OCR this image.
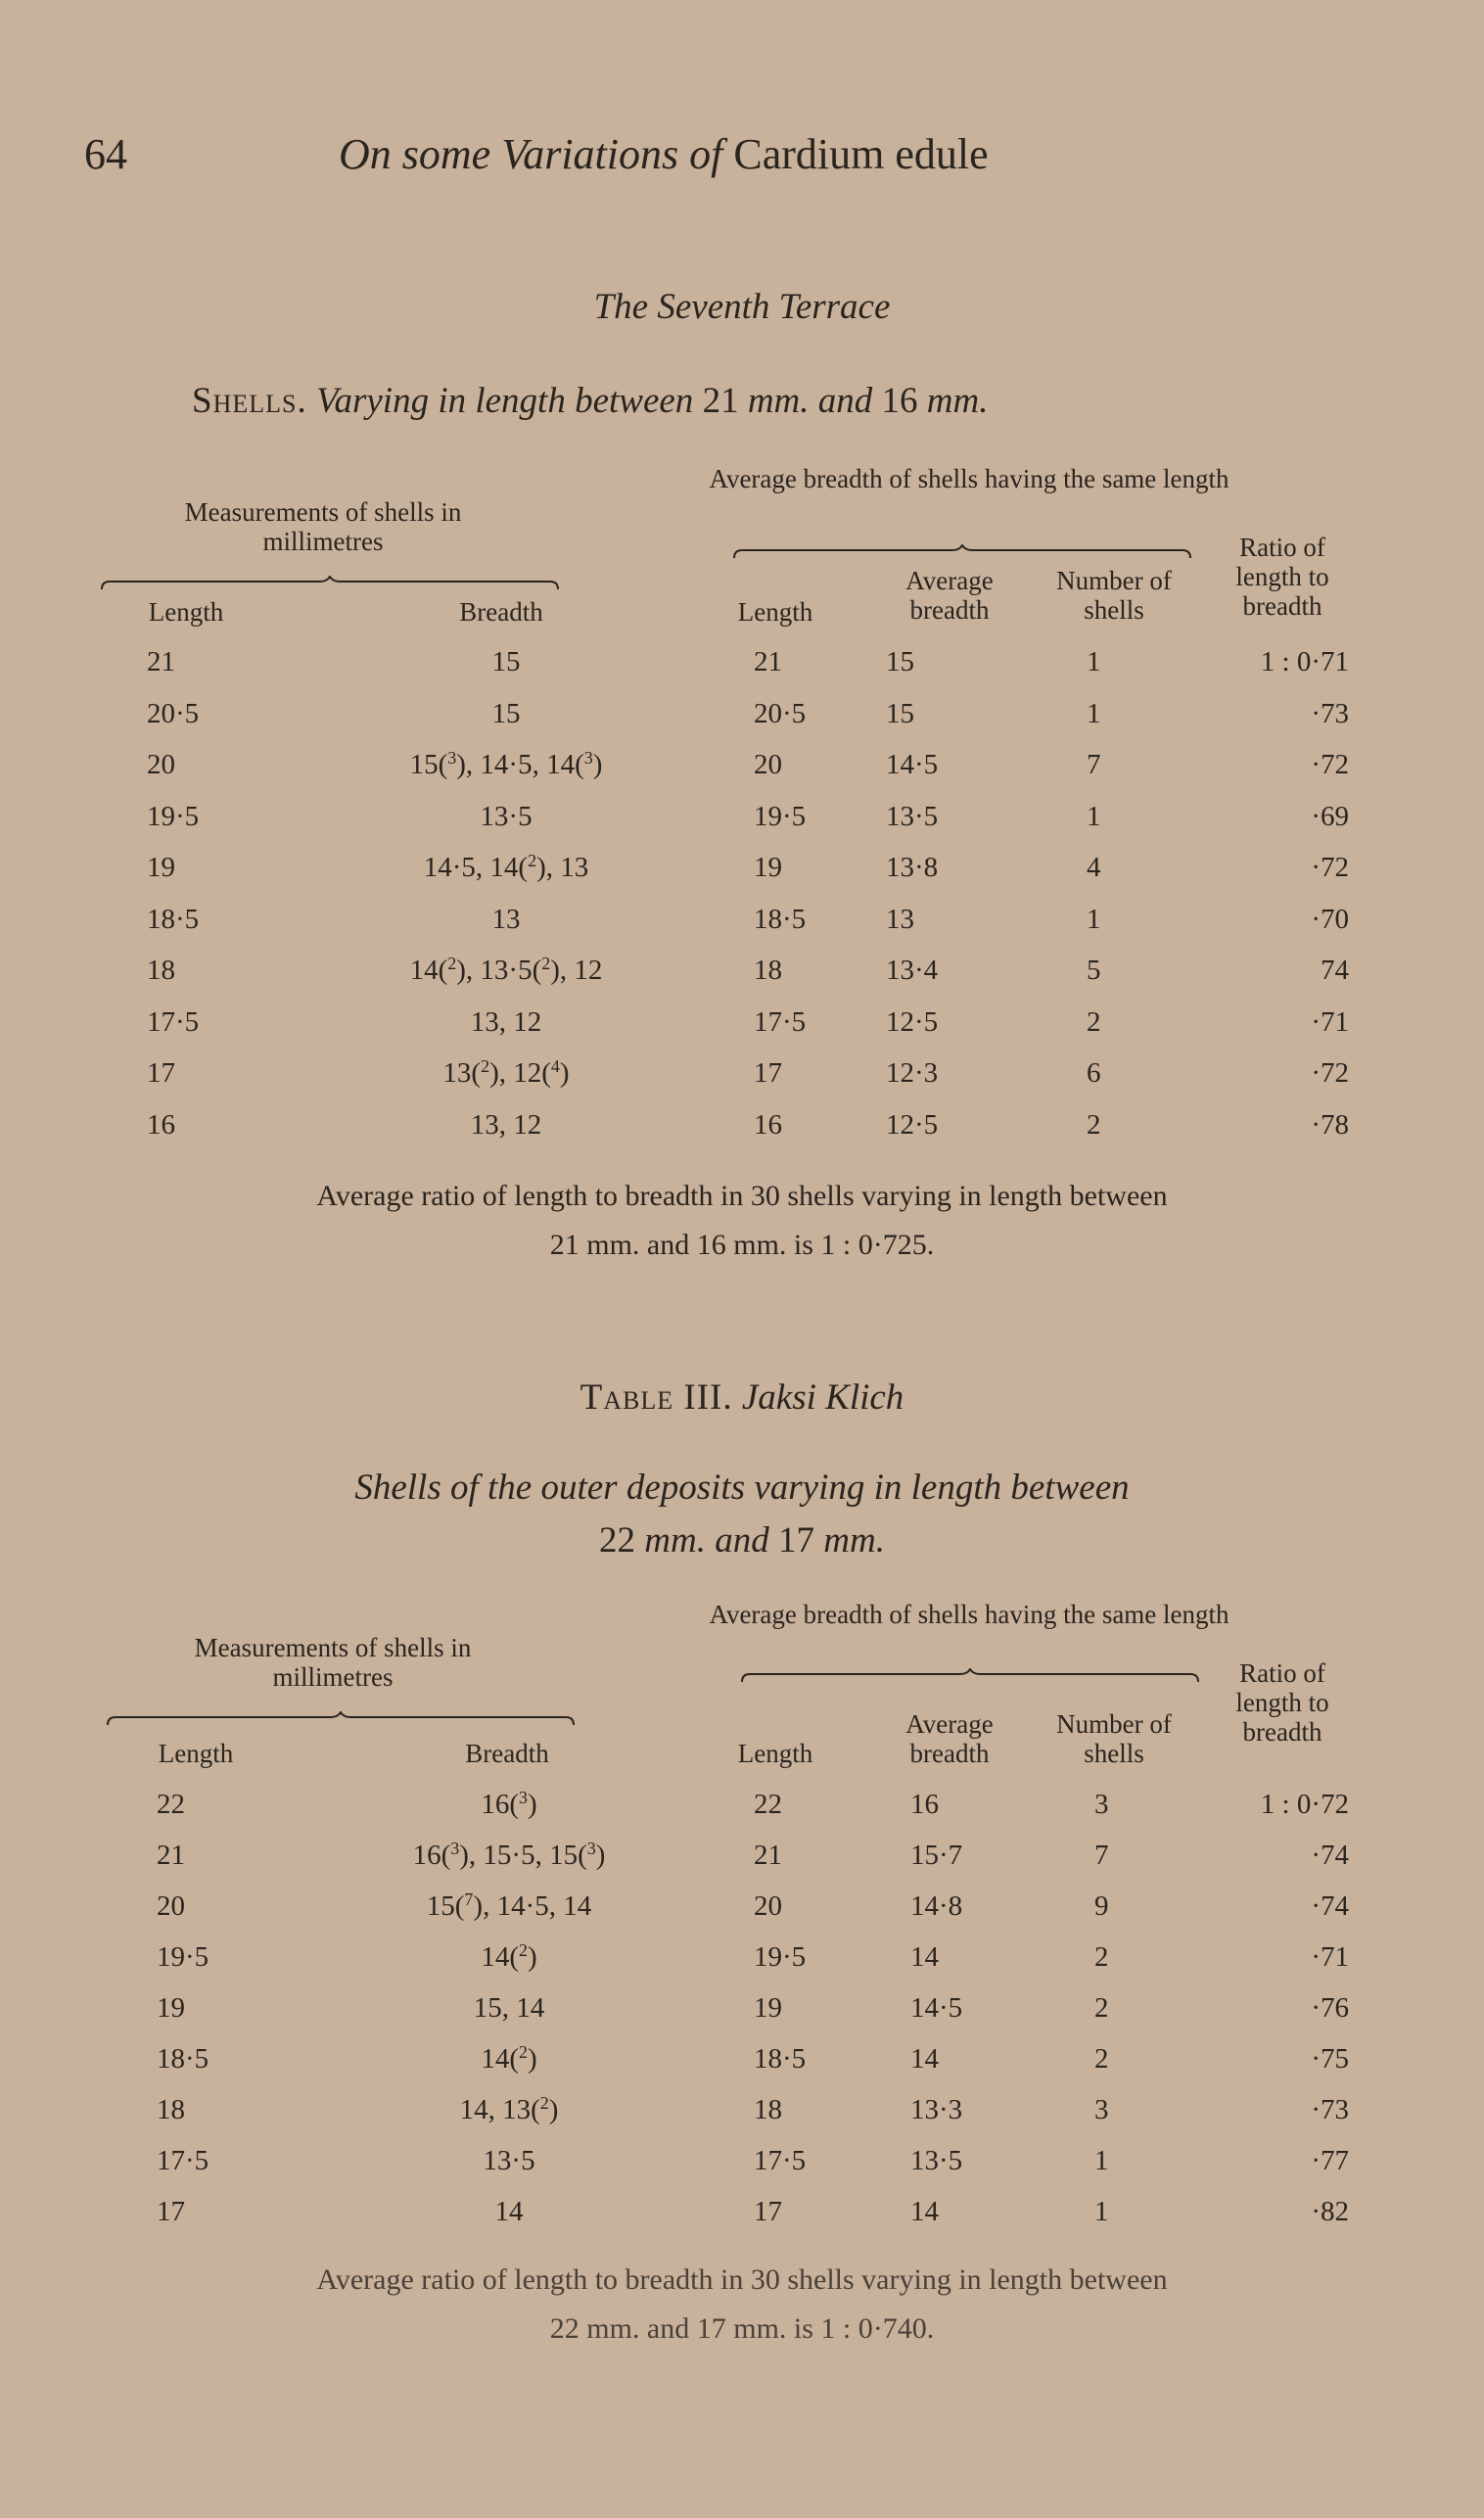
64	On some Variations of Cardium edule
The Seventh Terrace
Shells. Varying in length between 21 mm. and 16 mm.
Measurements of shells in millimetres
Average breadth of shells having the same length
Ratio of length to breadth
Length	Breadth	Length
Average breadth
Number of shells
21	15	21	15	1	1 : 0·71
20·5	15	20·5	15	1	·73
20	15($^3$), 14·5, 14($^3$)	20	14·5	7	·72
19·5	13·5	19·5	13·5	1	·69
19	14·5, 14($^2$), 13	19	13·8	4	·72
18·5	13	18·5	13	1	·70
18	14($^2$), 13·5($^2$), 12	18	13·4	5	74
17·5	13, 12	17·5	12·5	2	·71
17	13($^2$), 12($^4$)	17	12·3	6	·72
16	13, 12	16	12·5	2	·78
Average ratio of length to breadth in 30 shells varying in length between
21 mm. and 16 mm. is 1 : 0·725.
Table III. Jaksi Klich
Shells of the outer deposits varying in length between
22 mm. and 17 mm.
Measurements of shells in millimetres
Average breadth of shells having the same length
Ratio of length to breadth
Length	Breadth	Length
Average breadth
Number of shells
22	16($^3$)	22	16	3	1 : 0·72
21	16($^3$), 15·5, 15($^3$)	21	15·7	7	·74
20	15($^7$), 14·5, 14	20	14·8	9	·74
19·5	14($^2$)	19·5	14	2	·71
19	15, 14	19	14·5	2	·76
18·5	14($^2$)	18·5	14	2	·75
18	14, 13($^2$)	18	13·3	3	·73
17·5	13·5	17·5	13·5	1	·77
17	14	17	14	1	·82
Average ratio of length to breadth in 30 shells varying in length between
22 mm. and 17 mm. is 1 : 0·740.
